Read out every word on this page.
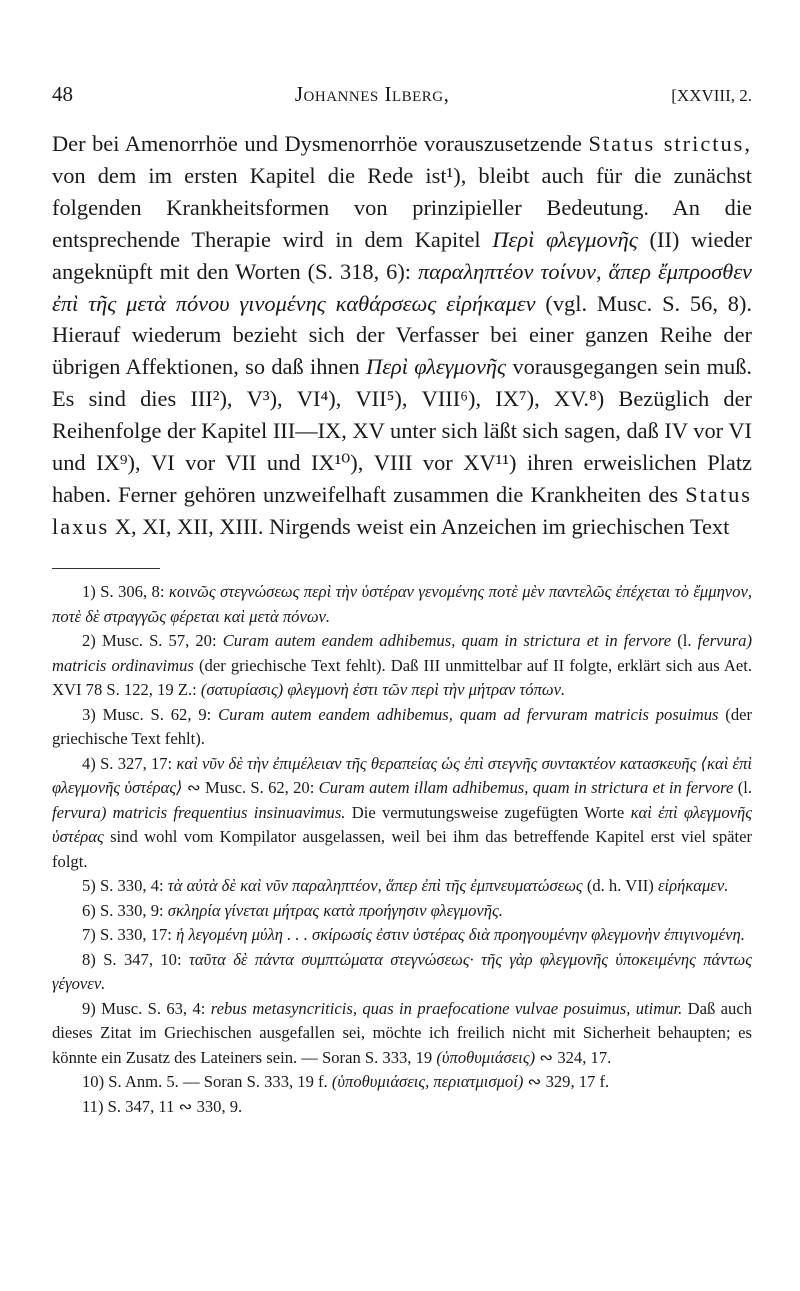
48	Johannes Ilberg,	[XXVIII, 2.

Der bei Amenorrhöe und Dysmenorrhöe vorauszusetzende Status strictus, von dem im ersten Kapitel die Rede ist¹), bleibt auch für die zunächst folgenden Krankheitsformen von prinzipieller Bedeutung. An die entsprechende Therapie wird in dem Kapitel Περὶ φλεγμονῆς (II) wieder angeknüpft mit den Worten (S. 318, 6): παραληπτέον τοίνυν, ἅπερ ἔμπροσθεν ἐπὶ τῆς μετὰ πόνου γινομένης καθάρσεως εἰρήκαμεν (vgl. Musc. S. 56, 8). Hierauf wiederum bezieht sich der Verfasser bei einer ganzen Reihe der übrigen Affektionen, so daß ihnen Περὶ φλεγμονῆς vorausgegangen sein muß. Es sind dies III²), V³), VI⁴), VII⁵), VIII⁶), IX⁷), XV.⁸) Bezüglich der Reihenfolge der Kapitel III—IX, XV unter sich läßt sich sagen, daß IV vor VI und IX⁹), VI vor VII und IX¹⁰), VIII vor XV¹¹) ihren erweislichen Platz haben. Ferner gehören unzweifelhaft zusammen die Krankheiten des Status laxus X, XI, XII, XIII. Nirgends weist ein Anzeichen im griechischen Text

1) S. 306, 8: κοινῶς στεγνώσεως περὶ τὴν ὑστέραν γενομένης ποτὲ μὲν παντελῶς ἐπέχεται τὸ ἔμμηνον, ποτὲ δὲ στραγγῶς φέρεται καὶ μετὰ πόνων.

2) Musc. S. 57, 20: Curam autem eandem adhibemus, quam in strictura et in fervore (l. fervura) matricis ordinavimus (der griechische Text fehlt). Daß III unmittelbar auf II folgte, erklärt sich aus Aet. XVI 78 S. 122, 19 Z.: (σατυρίασις) φλεγμονὴ ἐστι τῶν περὶ τὴν μήτραν τόπων.

3) Musc. S. 62, 9: Curam autem eandem adhibemus, quam ad fervuram matricis posuimus (der griechische Text fehlt).

4) S. 327, 17: καὶ νῦν δὲ τὴν ἐπιμέλειαν τῆς θεραπείας ὡς ἐπὶ στεγνῆς συντακτέον κατασκευῆς ⟨καὶ ἐπὶ φλεγμονῆς ὑστέρας⟩ ∾ Musc. S. 62, 20: Curam autem illam adhibemus, quam in strictura et in fervore (l. fervura) matricis frequentius insinuavimus. Die vermutungsweise zugefügten Worte καὶ ἐπὶ φλεγμονῆς ὑστέρας sind wohl vom Kompilator ausgelassen, weil bei ihm das betreffende Kapitel erst viel später folgt.

5) S. 330, 4: τὰ αὐτὰ δὲ καὶ νῦν παραληπτέον, ἅπερ ἐπὶ τῆς ἐμπνευματώσεως (d. h. VII) εἰρήκαμεν.

6) S. 330, 9: σκληρία γίνεται μήτρας κατὰ προήγησιν φλεγμονῆς.

7) S. 330, 17: ἡ λεγομένη μύλη . . . σκίρωσίς ἐστιν ὑστέρας διὰ προηγουμένην φλεγμονὴν ἐπιγινομένη.

8) S. 347, 10: ταῦτα δὲ πάντα συμπτώματα στεγνώσεως· τῆς γὰρ φλεγμονῆς ὑποκειμένης πάντως γέγονεν.

9) Musc. S. 63, 4: rebus metasyncriticis, quas in praefocatione vulvae posuimus, utimur. Daß auch dieses Zitat im Griechischen ausgefallen sei, möchte ich freilich nicht mit Sicherheit behaupten; es könnte ein Zusatz des Lateiners sein. — Soran S. 333, 19 (ὑποθυμιάσεις) ∾ 324, 17.

10) S. Anm. 5. — Soran S. 333, 19 f. (ὑποθυμιάσεις, περιατμισμοί) ∾ 329, 17 f.

11) S. 347, 11 ∾ 330, 9.
